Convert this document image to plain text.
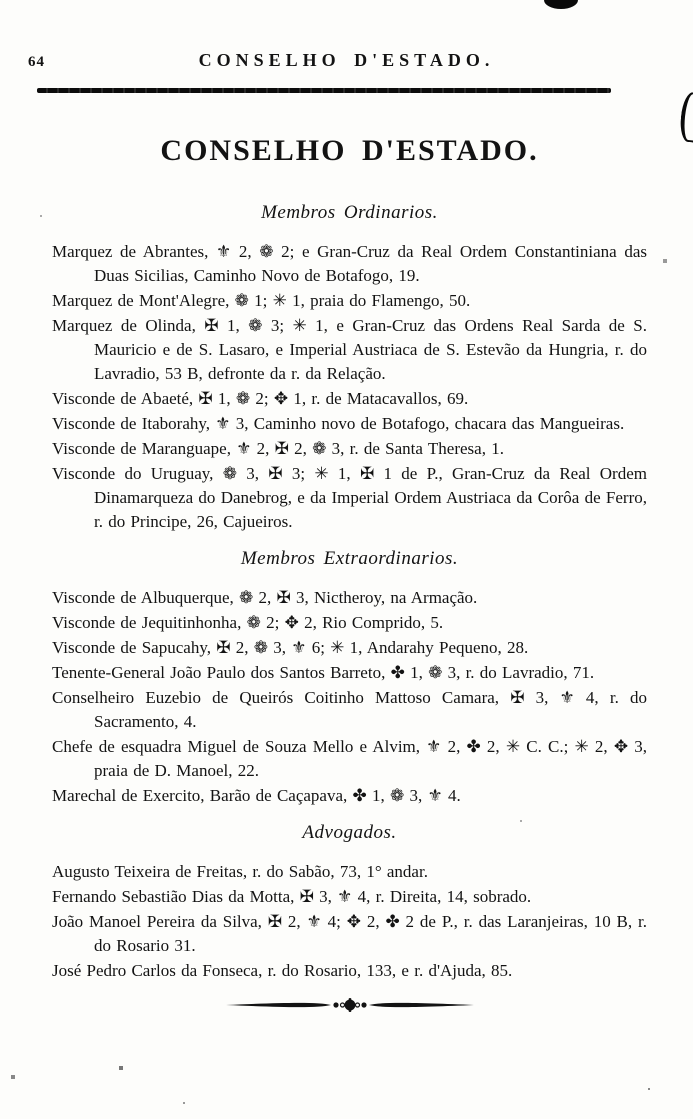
64	CONSELHO D'ESTADO.
CONSELHO D'ESTADO.
Membros Ordinarios.

Marquez de Abrantes, ⚜ 2, ❁ 2; e Gran-Cruz da Real Ordem Constantiniana das Duas Sicilias, Caminho Novo de Botafogo, 19.

Marquez de Mont'Alegre, ❁ 1; ✳ 1, praia do Flamengo, 50.

Marquez de Olinda, ✠ 1, ❁ 3; ✳ 1, e Gran-Cruz das Ordens Real Sarda de S. Mauricio e de S. Lasaro, e Imperial Austriaca de S. Estevão da Hungria, r. do Lavradio, 53 B, defronte da r. da Relação.

Visconde de Abaeté, ✠ 1, ❁ 2; ✥ 1, r. de Matacavallos, 69.

Visconde de Itaborahy, ⚜ 3, Caminho novo de Botafogo, chacara das Mangueiras.

Visconde de Maranguape, ⚜ 2, ✠ 2, ❁ 3, r. de Santa Theresa, 1.

Visconde do Uruguay, ❁ 3, ✠ 3; ✳ 1, ✠ 1 de P., Gran-Cruz da Real Ordem Dinamarqueza do Danebrog, e da Imperial Ordem Austriaca da Corôa de Ferro, r. do Principe, 26, Cajueiros.

Membros Extraordinarios.

Visconde de Albuquerque, ❁ 2, ✠ 3, Nictheroy, na Armação.

Visconde de Jequitinhonha, ❁ 2; ✥ 2, Rio Comprido, 5.

Visconde de Sapucahy, ✠ 2, ❁ 3, ⚜ 6; ✳ 1, Andarahy Pequeno, 28.

Tenente-General João Paulo dos Santos Barreto, ✤ 1, ❁ 3, r. do Lavradio, 71.

Conselheiro Euzebio de Queirós Coitinho Mattoso Camara, ✠ 3, ⚜ 4, r. do Sacramento, 4.

Chefe de esquadra Miguel de Souza Mello e Alvim, ⚜ 2, ✤ 2, ✳ C. C.; ✳ 2, ✥ 3, praia de D. Manoel, 22.

Marechal de Exercito, Barão de Caçapava, ✤ 1, ❁ 3, ⚜ 4.

Advogados.

Augusto Teixeira de Freitas, r. do Sabão, 73, 1° andar.

Fernando Sebastião Dias da Motta, ✠ 3, ⚜ 4, r. Direita, 14, sobrado.

João Manoel Pereira da Silva, ✠ 2, ⚜ 4; ✥ 2, ✤ 2 de P., r. das Laranjeiras, 10 B, r. do Rosario 31.

José Pedro Carlos da Fonseca, r. do Rosario, 133, e r. d'Ajuda, 85.
